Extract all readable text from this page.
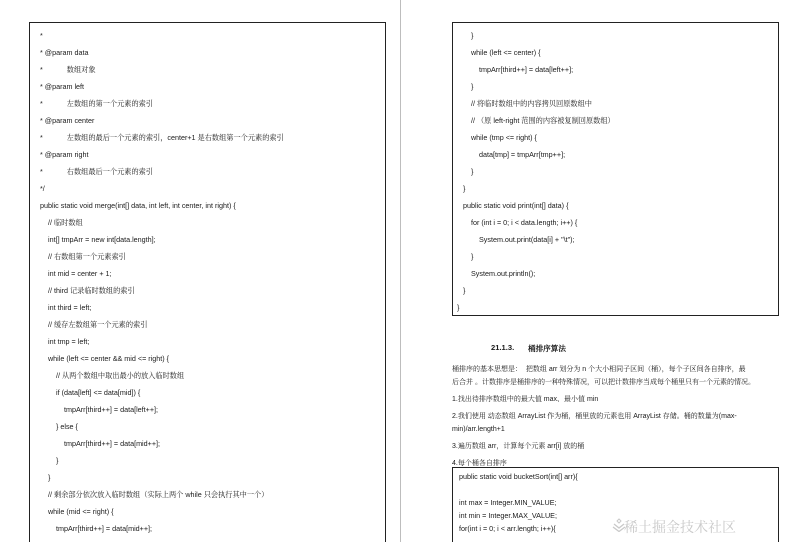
*
* @param data
*            数组对象
* @param left
*            左数组的第一个元素的索引
* @param center
*            左数组的最后一个元素的索引，center+1 是右数组第一个元素的索引
* @param right
*            右数组最后一个元素的索引
*/
public static void merge(int[] data, int left, int center, int right) {
// 临时数组
int[] tmpArr = new int[data.length];
// 右数组第一个元素索引
int mid = center + 1;
// third 记录临时数组的索引
int third = left;
// 缓存左数组第一个元素的索引
int tmp = left;
while (left <= center && mid <= right) {
// 从两个数组中取出最小的放入临时数组
if (data[left] <= data[mid]) {
tmpArr[third++] = data[left++];
} else {
tmpArr[third++] = data[mid++];
}
}
// 剩余部分依次放入临时数组（实际上两个 while 只会执行其中一个）
while (mid <= right) {
tmpArr[third++] = data[mid++];
}
while (left <= center) {
tmpArr[third++] = data[left++];
}
// 将临时数组中的内容拷贝回原数组中
// （原 left-right 范围的内容被复制回原数组）
while (tmp <= right) {
data[tmp] = tmpArr[tmp++];
}
}
public static void print(int[] data) {
for (int i = 0; i < data.length; i++) {
System.out.print(data[i] + "\t");
}
System.out.println();
}
}
21.1.3. 桶排序算法
桶排序的基本思想是：  把数组 arr 划分为 n 个大小相同子区间（桶），每个子区间各自排序，最
后合并 。计数排序是桶排序的一种特殊情况，可以把计数排序当成每个桶里只有一个元素的情况。
1.找出待排序数组中的最大值 max、最小值 min
2.我们使用 动态数组 ArrayList 作为桶，桶里放的元素也用 ArrayList 存储。桶的数量为(max-
min)/arr.length+1
3.遍历数组 arr，计算每个元素 arr[i] 放的桶
4.每个桶各自排序
public static void bucketSort(int[] arr){
int max = Integer.MIN_VALUE;
int min = Integer.MAX_VALUE;
for(int i = 0; i < arr.length; i++){	稀土掘金技术社区
